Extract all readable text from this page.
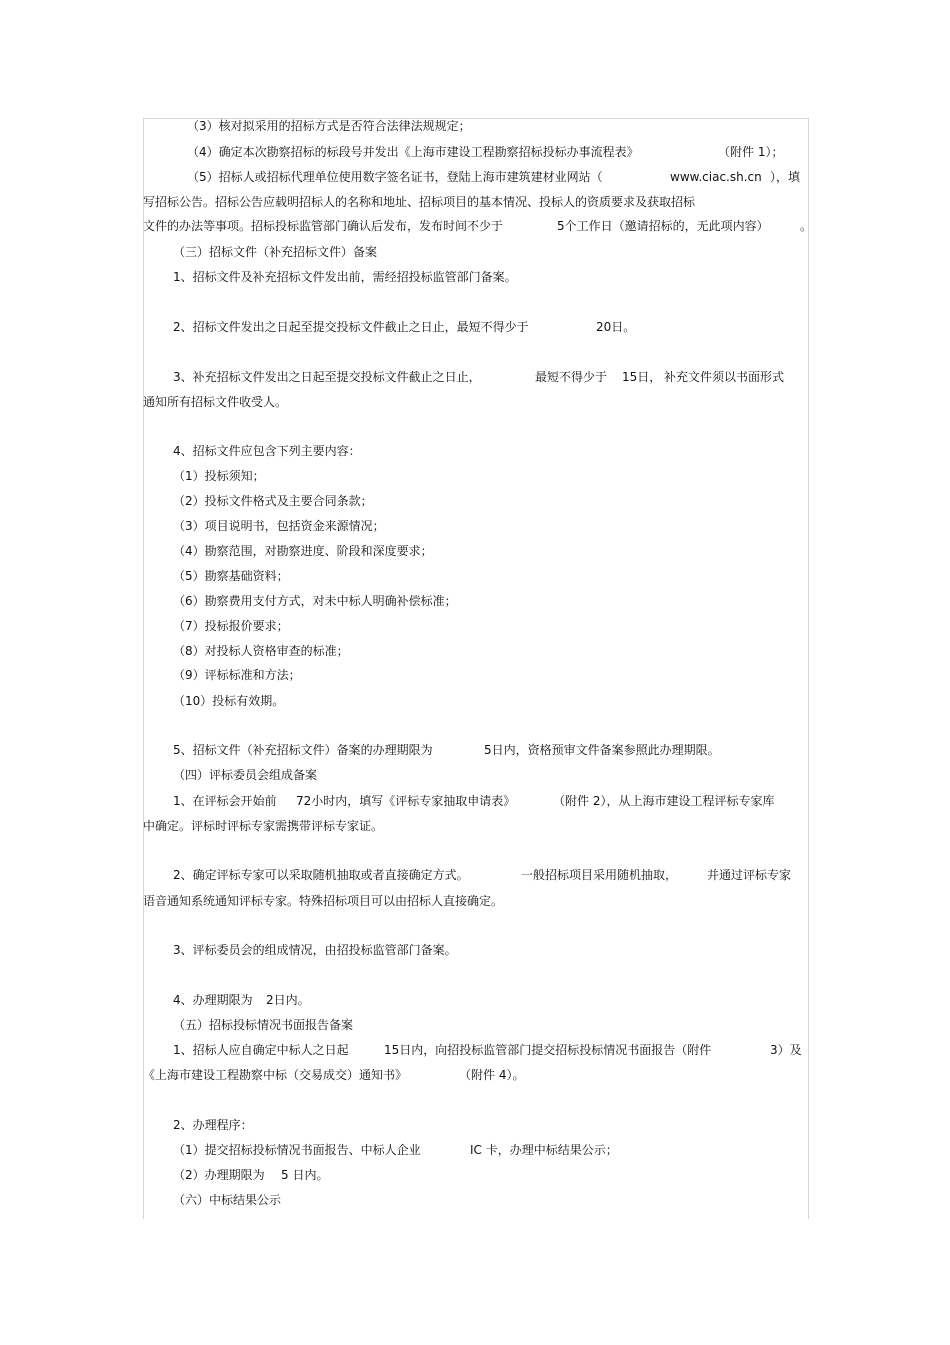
（3）核对拟采用的招标方式是否符合法律法规规定；
（4）确定本次勘察招标的标段号并发出《上海市建设工程勘察招标投标办事流程表》	（附件 1）；
（5）招标人或招标代理单位使用数字签名证书，登陆上海市建筑建材业网站（	www.ciac.sh.cn ），填
写招标公告。招标公告应载明招标人的名称和地址、招标项目的基本情况、投标人的资质要求及获取招标
文件的办法等事项。招标投标监管部门确认后发布，发布时间不少于	5个工作日（邀请招标的，无此项内容）	。
（三）招标文件（补充招标文件）备案
1、招标文件及补充招标文件发出前，需经招投标监管部门备案。
2、招标文件发出之日起至提交投标文件截止之日止，最短不得少于	20日。
3、补充招标文件发出之日起至提交投标文件截止之日止，	最短不得少于 15日， 补充文件须以书面形式
通知所有招标文件收受人。
4、招标文件应包含下列主要内容：
（1）投标须知；
（2）投标文件格式及主要合同条款；
（3）项目说明书，包括资金来源情况；
（4）勘察范围，对勘察进度、阶段和深度要求；
（5）勘察基础资料；
（6）勘察费用支付方式，对未中标人明确补偿标准；
（7）投标报价要求；
（8）对投标人资格审查的标准；
（9）评标标准和方法；
（10）投标有效期。
5、招标文件（补充招标文件）备案的办理期限为	5日内，资格预审文件备案参照此办理期限。
（四）评标委员会组成备案
1、在评标会开始前 72小时内，填写《评标专家抽取申请表》	（附件 2），从上海市建设工程评标专家库
中确定。评标时评标专家需携带评标专家证。
2、确定评标专家可以采取随机抽取或者直接确定方式。	一般招标项目采用随机抽取， 并通过评标专家
语音通知系统通知评标专家。特殊招标项目可以由招标人直接确定。
3、评标委员会的组成情况，由招投标监管部门备案。
4、办理期限为 2日内。
（五）招标投标情况书面报告备案
1、招标人应自确定中标人之日起	15日内，向招投标监管部门提交招标投标情况书面报告（附件	3）及
《上海市建设工程勘察中标（交易成交）通知书》	（附件 4）。
2、办理程序：
（1）提交招标投标情况书面报告、中标人企业	IC 卡，办理中标结果公示；
（2）办理期限为 5 日内。
（六）中标结果公示
